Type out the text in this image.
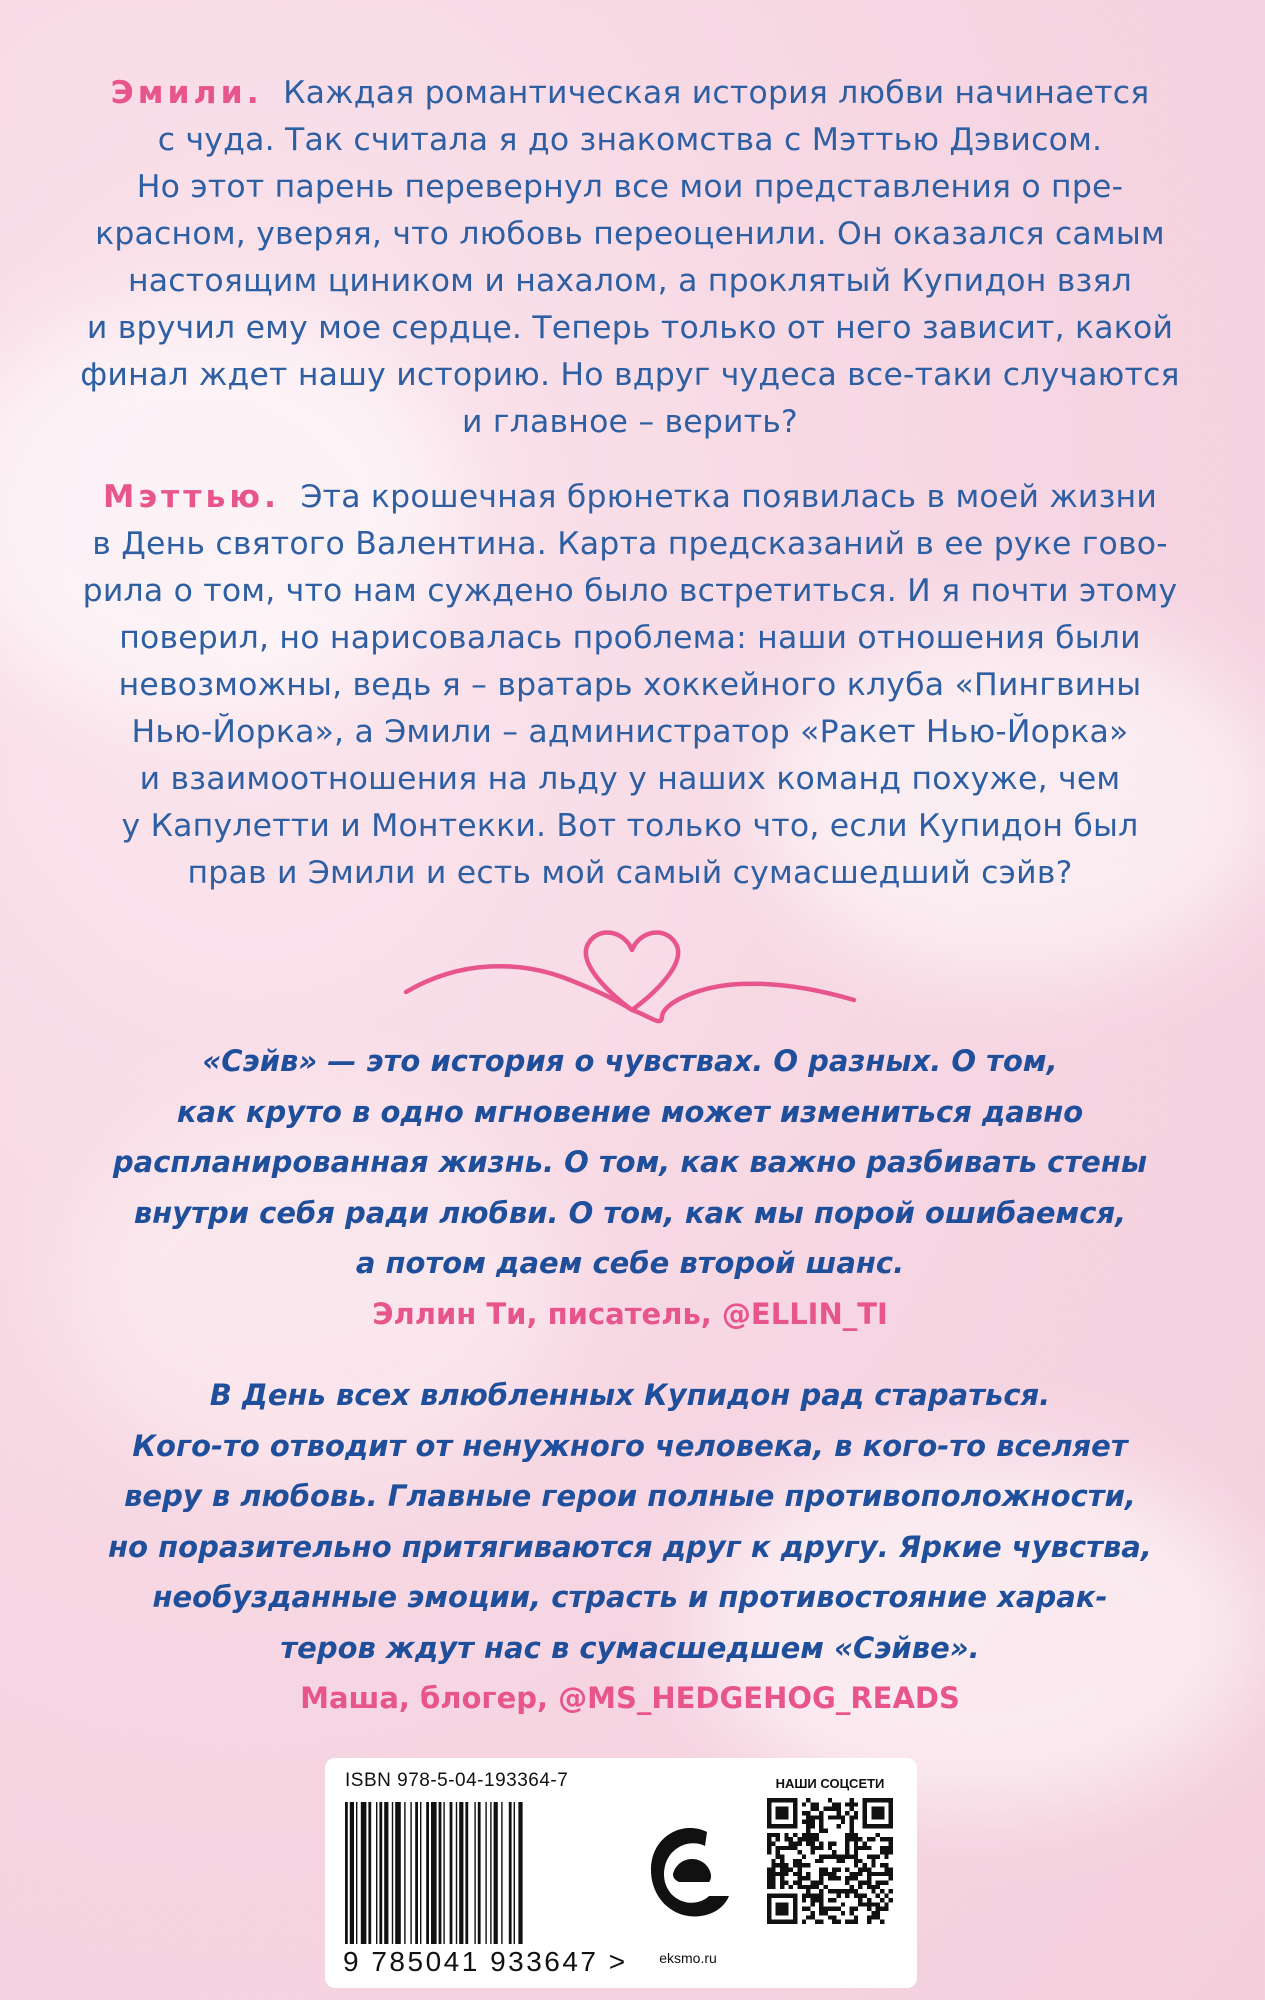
Эмили. Каждая романтическая история любви начинается
с чуда. Так считала я до знакомства с Мэттью Дэвисом.
Но этот парень перевернул все мои представления о пре-
красном, уверяя, что любовь переоценили. Он оказался самым
настоящим циником и нахалом, а проклятый Купидон взял
и вручил ему мое сердце. Теперь только от него зависит, какой
финал ждет нашу историю. Но вдруг чудеса все-таки случаются
и главное – верить?
Мэттью. Эта крошечная брюнетка появилась в моей жизни
в День святого Валентина. Карта предсказаний в ее руке гово-
рила о том, что нам суждено было встретиться. И я почти этому
поверил, но нарисовалась проблема: наши отношения были
невозможны, ведь я – вратарь хоккейного клуба «Пингвины
Нью-Йорка», а Эмили – администратор «Ракет Нью-Йорка»
и взаимоотношения на льду у наших команд похуже, чем
у Капулетти и Монтекки. Вот только что, если Купидон был
прав и Эмили и есть мой самый сумасшедший сэйв?
«Сэйв» — это история о чувствах. О разных. О том,
как круто в одно мгновение может измениться давно
распланированная жизнь. О том, как важно разбивать стены
внутри себя ради любви. О том, как мы порой ошибаемся,
а потом даем себе второй шанс.
Эллин Ти, писатель, @ELLIN_TI
В День всех влюбленных Купидон рад стараться.
Кого-то отводит от ненужного человека, в кого-то вселяет
веру в любовь. Главные герои полные противоположности,
но поразительно притягиваются друг к другу. Яркие чувства,
необузданные эмоции, страсть и противостояние харак-
теров ждут нас в сумасшедшем «Сэйве».
Маша, блогер, @MS_HEDGEHOG_READS
ISBN 978-5-04-193364-7
9 785041 933647 >	eksmo.ru
НАШИ СОЦСЕТИ
